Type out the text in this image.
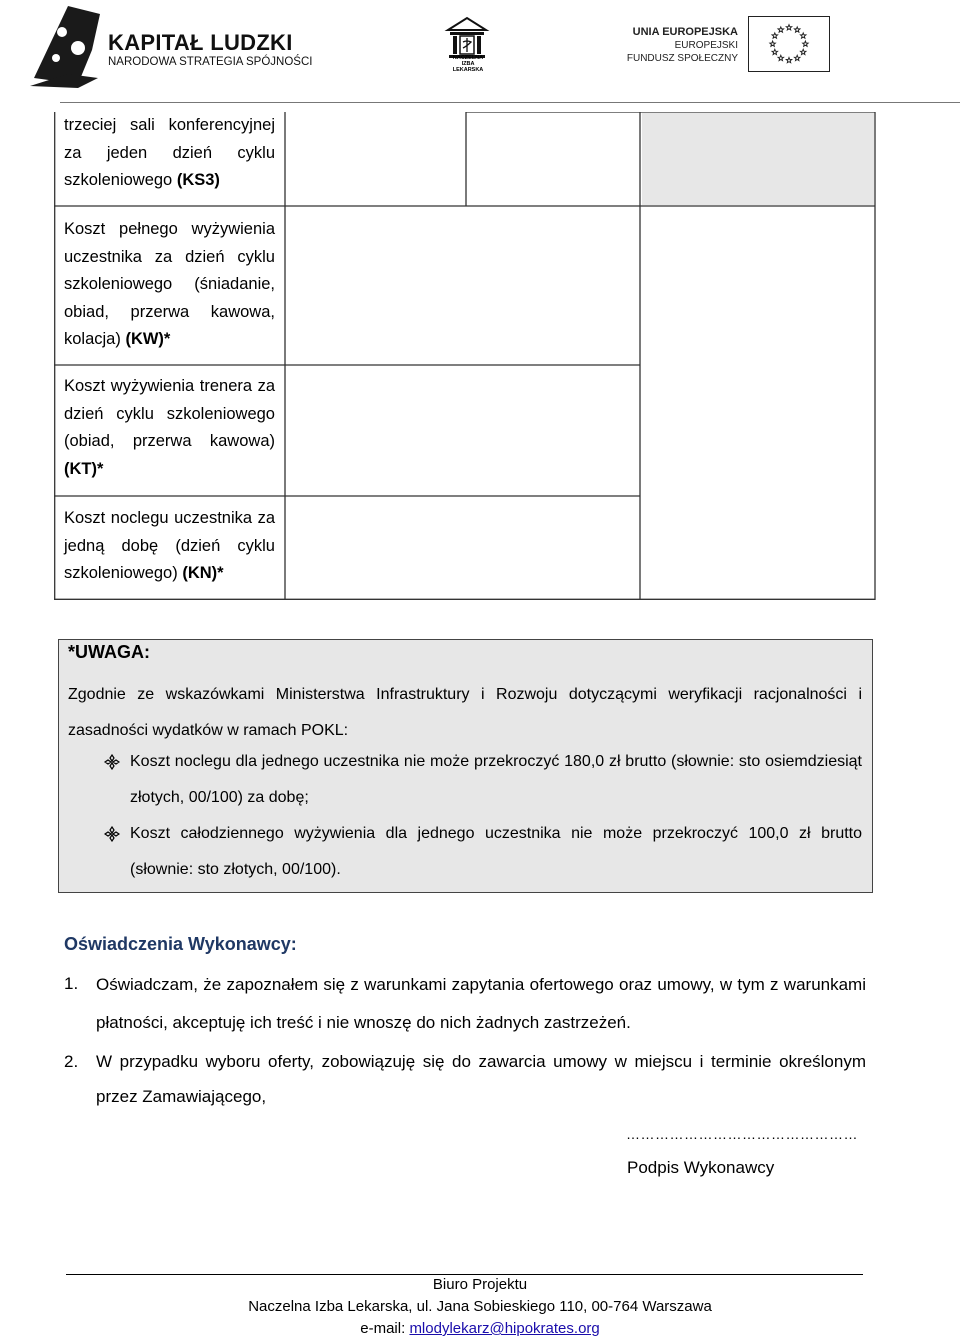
KAPITAŁ LUDZKI
NARODOWA STRATEGIA SPÓJNOŚCI	NACZELNA
IZBA LEKARSKA
UNIA EUROPEJSKA
EUROPEJSKI
FUNDUSZ SPOŁECZNY
trzeciej sali konferencyjnej za jeden dzień cyklu szkoleniowego (KS3)
Koszt pełnego wyżywienia uczestnika za dzień cyklu szkoleniowego (śniadanie, obiad, przerwa kawowa, kolacja) (KW)*
Koszt wyżywienia trenera za dzień cyklu szkoleniowego (obiad, przerwa kawowa) (KT)*
Koszt noclegu uczestnika za jedną dobę (dzień cyklu szkoleniowego) (KN)*
*UWAGA:
Zgodnie ze wskazówkami Ministerstwa Infrastruktury i Rozwoju dotyczącymi weryfikacji racjonalności i zasadności wydatków w ramach POKL:
Koszt noclegu dla jednego uczestnika nie może przekroczyć 180,0 zł brutto (słownie: sto osiemdziesiąt złotych, 00/100) za dobę;
Koszt całodziennego wyżywienia dla jednego uczestnika nie może przekroczyć 100,0 zł brutto (słownie: sto złotych, 00/100).
Oświadczenia Wykonawcy:
1. Oświadczam, że zapoznałem się z warunkami zapytania ofertowego oraz umowy, w tym z warunkami płatności, akceptuję ich treść i nie wnoszę do nich żadnych zastrzeżeń.
2. W przypadku wyboru oferty, zobowiązuję się do zawarcia umowy w miejscu i terminie określonym przez Zamawiającego,
…………………………………………
Podpis Wykonawcy
Biuro Projektu
Naczelna Izba Lekarska, ul. Jana Sobieskiego 110, 00-764 Warszawa
e-mail: mlodylekarz@hipokrates.org
